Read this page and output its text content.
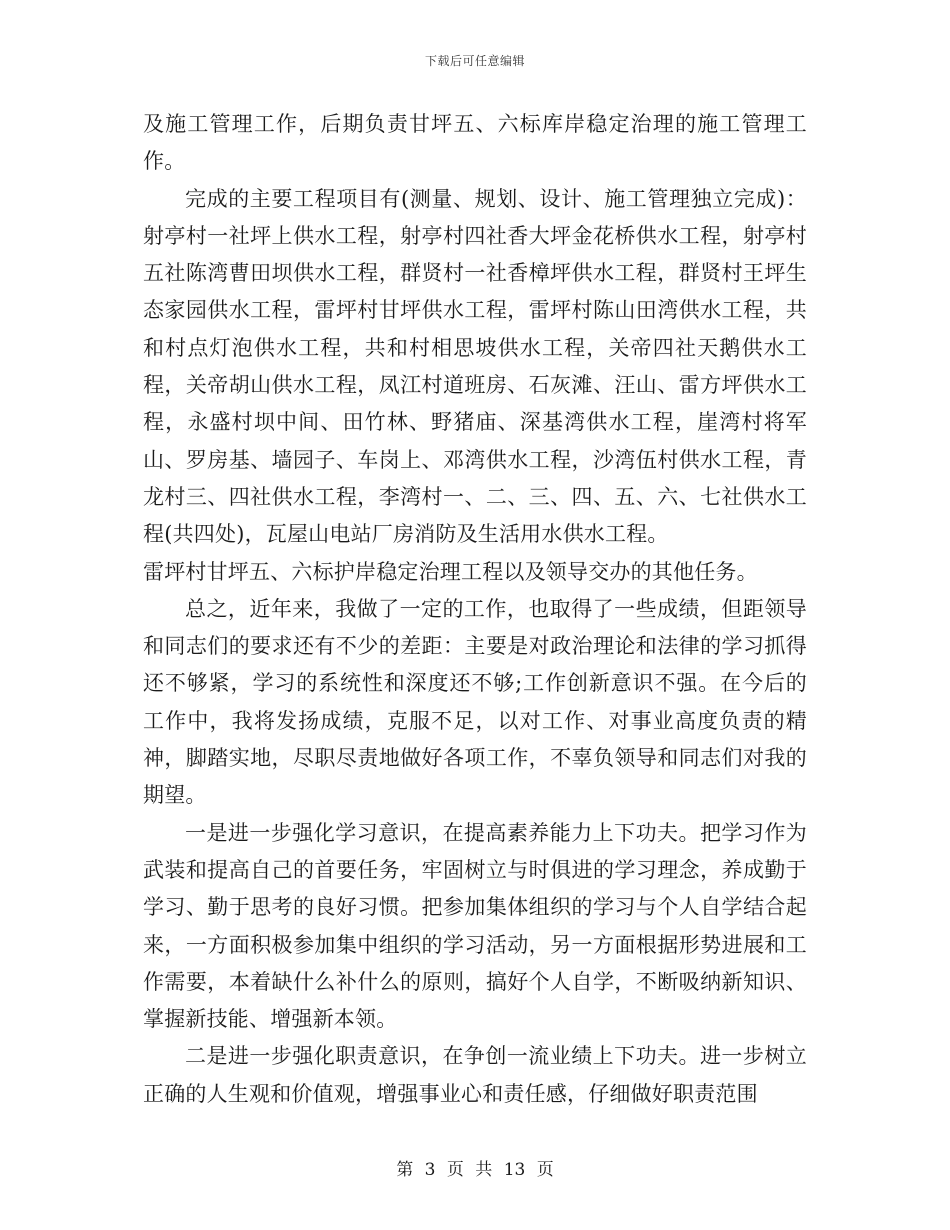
下载后可任意编辑

及施工管理工作，后期负责甘坪五、六标库岸稳定治理的施工管理工作。

完成的主要工程项目有(测量、规划、设计、施工管理独立完成)：射亭村一社坪上供水工程，射亭村四社香大坪金花桥供水工程，射亭村五社陈湾曹田坝供水工程，群贤村一社香樟坪供水工程，群贤村王坪生态家园供水工程，雷坪村甘坪供水工程，雷坪村陈山田湾供水工程，共和村点灯泡供水工程，共和村相思坡供水工程，关帝四社天鹅供水工程，关帝胡山供水工程，凤江村道班房、石灰滩、汪山、雷方坪供水工程，永盛村坝中间、田竹林、野猪庙、深基湾供水工程，崖湾村将军山、罗房基、墙园子、车岗上、邓湾供水工程，沙湾伍村供水工程，青龙村三、四社供水工程，李湾村一、二、三、四、五、六、七社供水工程(共四处)，瓦屋山电站厂房消防及生活用水供水工程。

雷坪村甘坪五、六标护岸稳定治理工程以及领导交办的其他任务。

总之，近年来，我做了一定的工作，也取得了一些成绩，但距领导和同志们的要求还有不少的差距：主要是对政治理论和法律的学习抓得还不够紧，学习的系统性和深度还不够;工作创新意识不强。在今后的工作中，我将发扬成绩，克服不足，以对工作、对事业高度负责的精神，脚踏实地，尽职尽责地做好各项工作，不辜负领导和同志们对我的期望。

一是进一步强化学习意识，在提高素养能力上下功夫。把学习作为武装和提高自己的首要任务，牢固树立与时俱进的学习理念，养成勤于学习、勤于思考的良好习惯。把参加集体组织的学习与个人自学结合起来，一方面积极参加集中组织的学习活动，另一方面根据形势进展和工作需要，本着缺什么补什么的原则，搞好个人自学，不断吸纳新知识、掌握新技能、增强新本领。

二是进一步强化职责意识，在争创一流业绩上下功夫。进一步树立正确的人生观和价值观，增强事业心和责任感，仔细做好职责范围

第 3 页 共 13 页
